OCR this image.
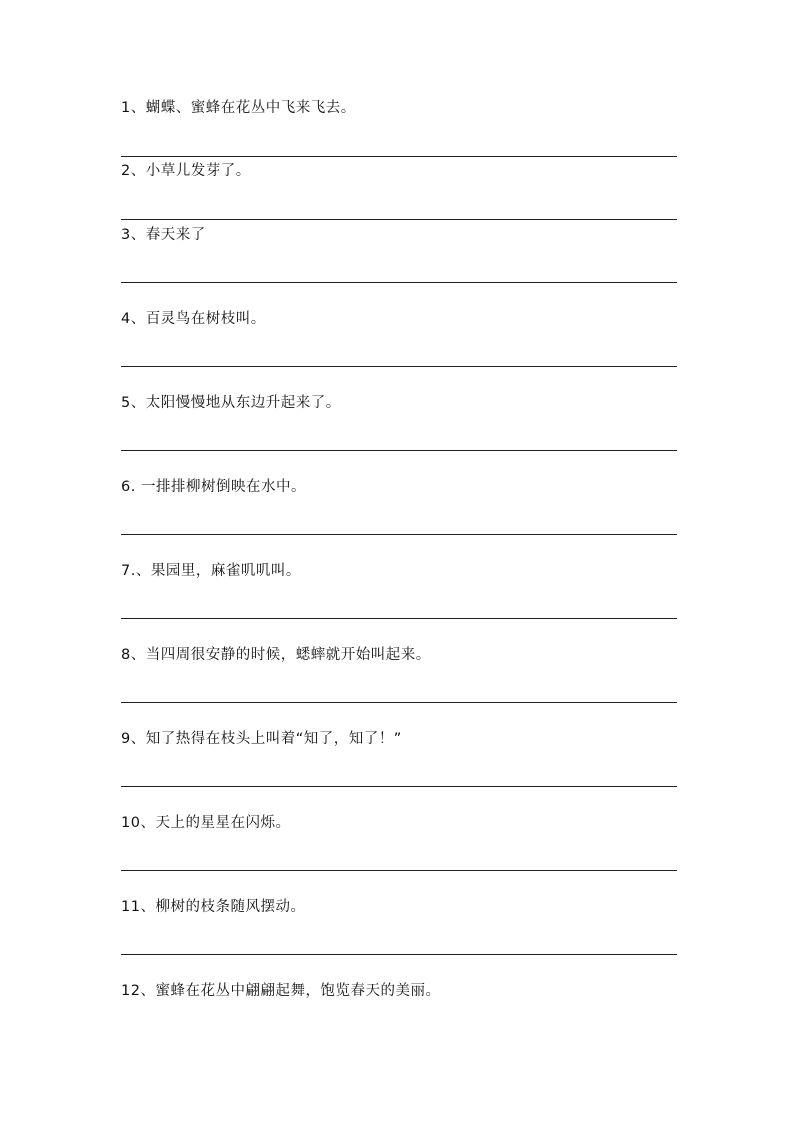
1、蝴蝶、蜜蜂在花丛中飞来飞去。
2、小草儿发芽了。
3、春天来了
4、百灵鸟在树枝叫。
5、太阳慢慢地从东边升起来了。
6. 一排排柳树倒映在水中。
7.、果园里，麻雀叽叽叫。
8、当四周很安静的时候，蟋蟀就开始叫起来。
9、知了热得在枝头上叫着“知了，知了！”
10、天上的星星在闪烁。
11、柳树的枝条随风摆动。
12、蜜蜂在花丛中翩翩起舞，饱览春天的美丽。
